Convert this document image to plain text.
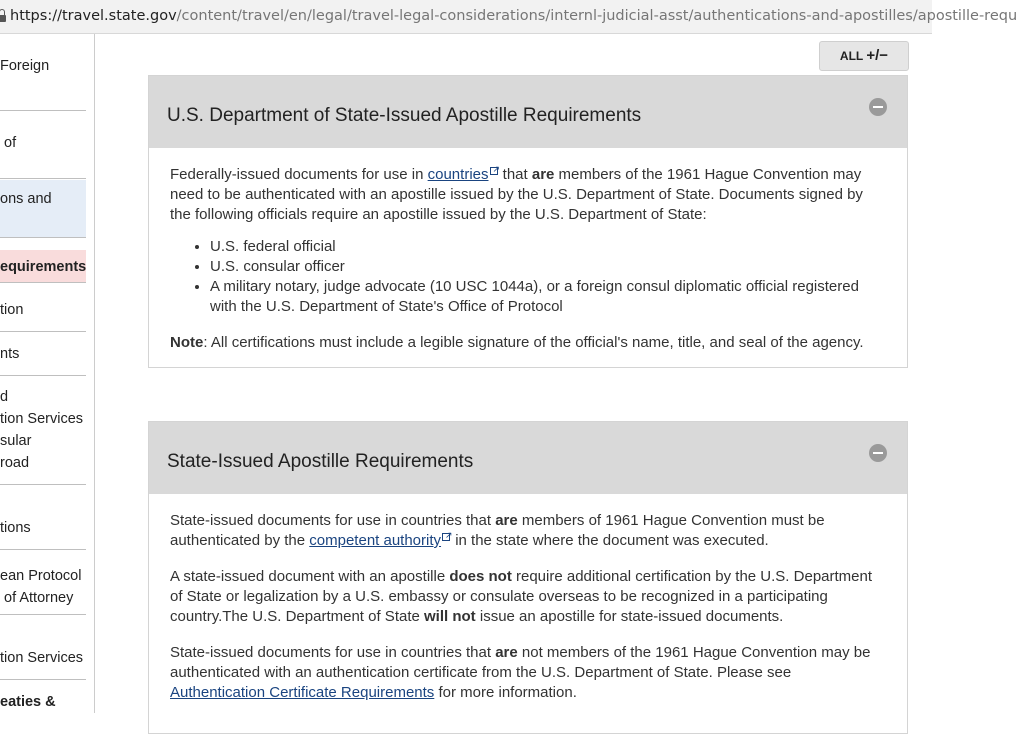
https://travel.state.gov/content/travel/en/legal/travel-legal-considerations/internl-judicial-asst/authentications-and-apostilles/apostille-requ
Foreign
of
ons and
equirements
tion
nts
d
tion Services
sular
road
tions
ean Protocol
of Attorney
tion Services
eaties &
ALL +/−
U.S. Department of State-Issued Apostille Requirements

Federally-issued documents for use in countries↗ that are members of the 1961 Hague Convention may need to be authenticated with an apostille issued by the U.S. Department of State. Documents signed by the following officials require an apostille issued by the U.S. Department of State:

• U.S. federal official
• U.S. consular officer
• A military notary, judge advocate (10 USC 1044a), or a foreign consul diplomatic official registered with the U.S. Department of State's Office of Protocol

Note: All certifications must include a legible signature of the official's name, title, and seal of the agency.

State-Issued Apostille Requirements

State-issued documents for use in countries that are members of 1961 Hague Convention must be authenticated by the competent authority↗ in the state where the document was executed.

A state-issued document with an apostille does not require additional certification by the U.S. Department of State or legalization by a U.S. embassy or consulate overseas to be recognized in a participating country.The U.S. Department of State will not issue an apostille for state-issued documents.

State-issued documents for use in countries that are not members of the 1961 Hague Convention may be authenticated with an authentication certificate from the U.S. Department of State. Please see Authentication Certificate Requirements for more information.
